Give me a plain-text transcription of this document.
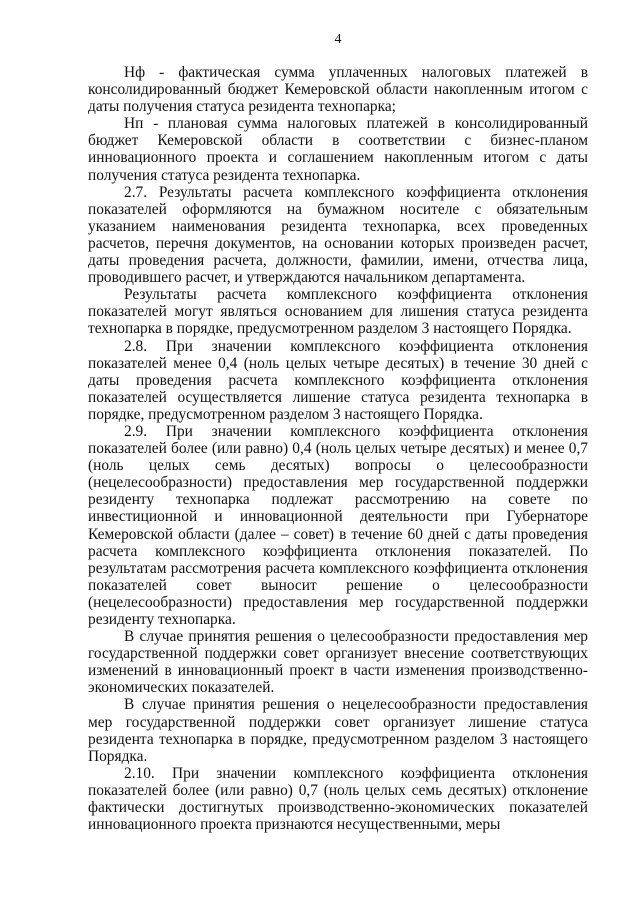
4

Нф - фактическая сумма уплаченных налоговых платежей в консолидированный бюджет Кемеровской области накопленным итогом с даты получения статуса резидента технопарка;

Нп - плановая сумма налоговых платежей в консолидированный бюджет Кемеровской области в соответствии с бизнес-планом инновационного проекта и соглашением накопленным итогом с даты получения статуса резидента технопарка.

2.7. Результаты расчета комплексного коэффициента отклонения показателей оформляются на бумажном носителе с обязательным указанием наименования резидента технопарка, всех проведенных расчетов, перечня документов, на основании которых произведен расчет, даты проведения расчета, должности, фамилии, имени, отчества лица, проводившего расчет, и утверждаются начальником департамента.

Результаты расчета комплексного коэффициента отклонения показателей могут являться основанием для лишения статуса резидента технопарка в порядке, предусмотренном разделом 3 настоящего Порядка.

2.8. При значении комплексного коэффициента отклонения показателей менее 0,4 (ноль целых четыре десятых) в течение 30 дней с даты проведения расчета комплексного коэффициента отклонения показателей осуществляется лишение статуса резидента технопарка в порядке, предусмотренном разделом 3 настоящего Порядка.

2.9. При значении комплексного коэффициента отклонения показателей более (или равно) 0,4 (ноль целых четыре десятых) и менее 0,7 (ноль целых семь десятых) вопросы о целесообразности (нецелесообразности) предоставления мер государственной поддержки резиденту технопарка подлежат рассмотрению на совете по инвестиционной и инновационной деятельности при Губернаторе Кемеровской области (далее – совет) в течение 60 дней с даты проведения расчета комплексного коэффициента отклонения показателей. По результатам рассмотрения расчета комплексного коэффициента отклонения показателей совет выносит решение о целесообразности (нецелесообразности) предоставления мер государственной поддержки резиденту технопарка.

В случае принятия решения о целесообразности предоставления мер государственной поддержки совет организует внесение соответствующих изменений в инновационный проект в части изменения производственно-экономических показателей.

В случае принятия решения о нецелесообразности предоставления мер государственной поддержки совет организует лишение статуса резидента технопарка в порядке, предусмотренном разделом 3 настоящего Порядка.

2.10. При значении комплексного коэффициента отклонения показателей более (или равно) 0,7 (ноль целых семь десятых) отклонение фактически достигнутых производственно-экономических показателей инновационного проекта признаются несущественными, меры
